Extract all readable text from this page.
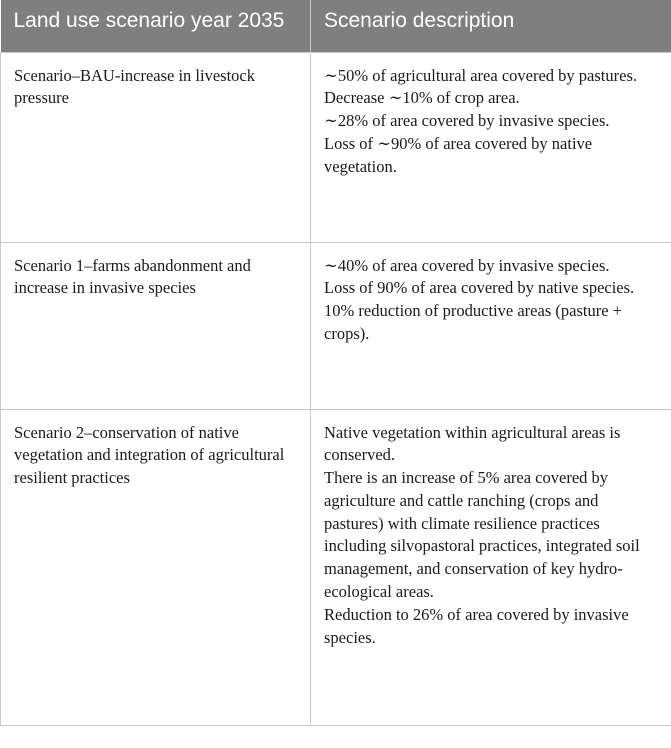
Land use scenario year 2035	Scenario description
Scenario–BAU-increase in livestock pressure	∼50% of agricultural area covered by pastures.
Decrease ∼10% of crop area.
∼28% of area covered by invasive species.
Loss of ∼90% of area covered by native vegetation.

Scenario 1–farms abandonment and increase in invasive species	∼40% of area covered by invasive species.
Loss of 90% of area covered by native species.
10% reduction of productive areas (pasture + crops).

Scenario 2–conservation of native vegetation and integration of agricultural resilient practices	Native vegetation within agricultural areas is conserved.
There is an increase of 5% area covered by agriculture and cattle ranching (crops and pastures) with climate resilience practices including silvopastoral practices, integrated soil management, and conservation of key hydro-ecological areas.
Reduction to 26% of area covered by invasive species.
